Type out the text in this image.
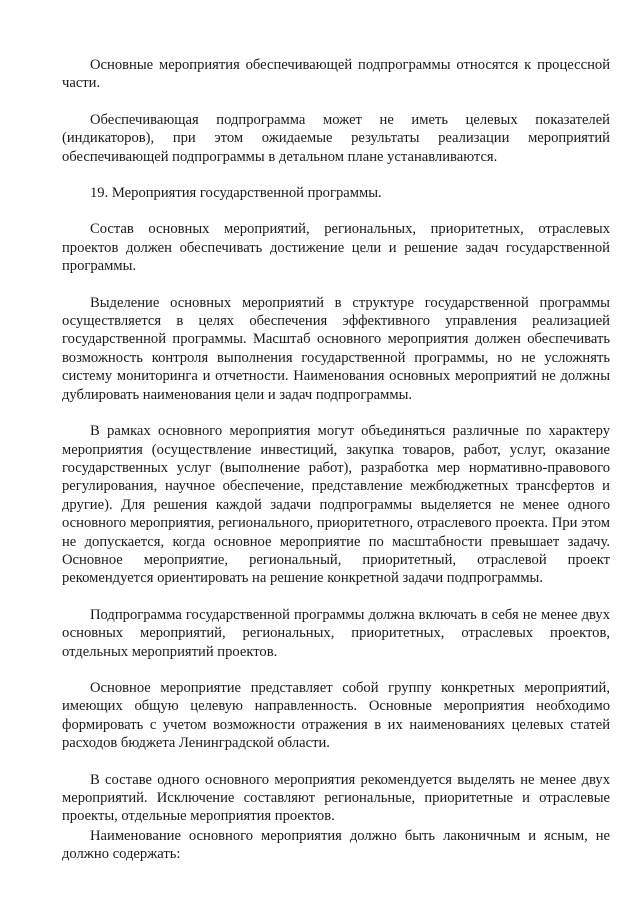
Основные мероприятия обеспечивающей подпрограммы относятся к процессной части.

Обеспечивающая подпрограмма может не иметь целевых показателей (индикаторов), при этом ожидаемые результаты реализации мероприятий обеспечивающей подпрограммы в детальном плане устанавливаются.

19. Мероприятия государственной программы.

Состав основных мероприятий, региональных, приоритетных, отраслевых проектов должен обеспечивать достижение цели и решение задач государственной программы.

Выделение основных мероприятий в структуре государственной программы осуществляется в целях обеспечения эффективного управления реализацией государственной программы. Масштаб основного мероприятия должен обеспечивать возможность контроля выполнения государственной программы, но не усложнять систему мониторинга и отчетности. Наименования основных мероприятий не должны дублировать наименования цели и задач подпрограммы.

В рамках основного мероприятия могут объединяться различные по характеру мероприятия (осуществление инвестиций, закупка товаров, работ, услуг, оказание государственных услуг (выполнение работ), разработка мер нормативно-правового регулирования, научное обеспечение, представление межбюджетных трансфертов и другие). Для решения каждой задачи подпрограммы выделяется не менее одного основного мероприятия, регионального, приоритетного, отраслевого проекта. При этом не допускается, когда основное мероприятие по масштабности превышает задачу. Основное мероприятие, региональный, приоритетный, отраслевой проект рекомендуется ориентировать на решение конкретной задачи подпрограммы.

Подпрограмма государственной программы должна включать в себя не менее двух основных мероприятий, региональных, приоритетных, отраслевых проектов, отдельных мероприятий проектов.

Основное мероприятие представляет собой группу конкретных мероприятий, имеющих общую целевую направленность. Основные мероприятия необходимо формировать с учетом возможности отражения в их наименованиях целевых статей расходов бюджета Ленинградской области.

В составе одного основного мероприятия рекомендуется выделять не менее двух мероприятий. Исключение составляют региональные, приоритетные и отраслевые проекты, отдельные мероприятия проектов.

Наименование основного мероприятия должно быть лаконичным и ясным, не должно содержать:
